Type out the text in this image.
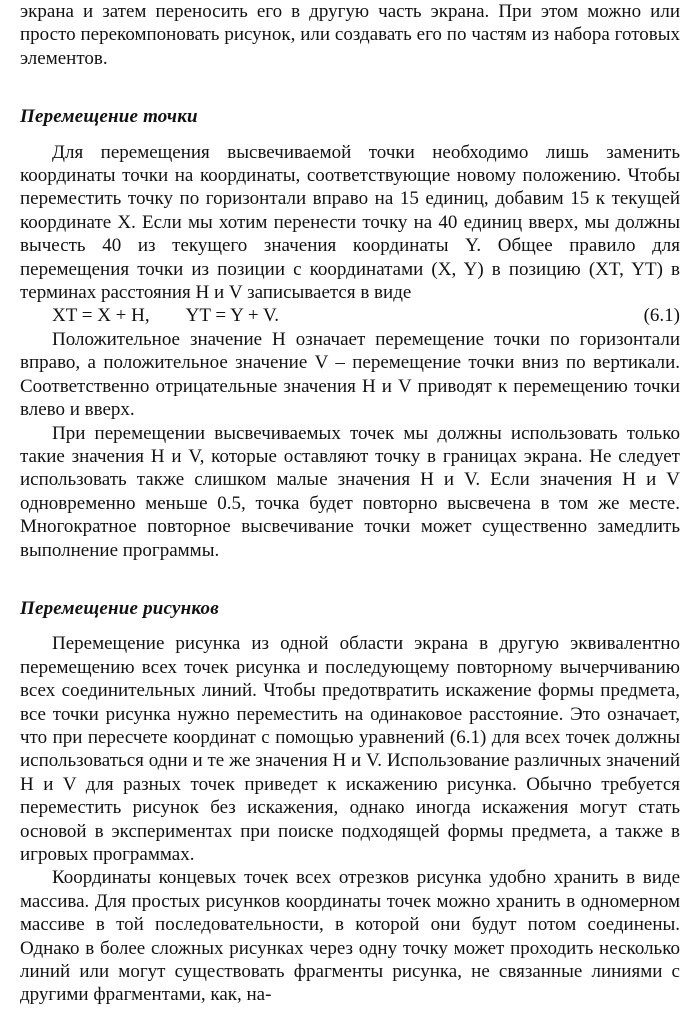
экрана и затем переносить его в другую часть экрана. При этом можно или просто перекомпоновать рисунок, или создавать его по частям из набора готовых элементов.

Перемещение точки

Для перемещения высвечиваемой точки необходимо лишь заменить координаты точки на координаты, соответствующие новому положению. Чтобы переместить точку по горизонтали вправо на 15 единиц, добавим 15 к текущей координате X. Если мы хотим перенести точку на 40 единиц вверх, мы должны вычесть 40 из текущего значения координаты Y. Общее правило для перемещения точки из позиции с координатами (X, Y) в позицию (XT, YT) в терминах расстояния H и V записывается в виде

XT = X + H, YT = Y + V.	(6.1)

Положительное значение H означает перемещение точки по горизонтали вправо, а положительное значение V – перемещение точки вниз по вертикали. Соответственно отрицательные значения H и V приводят к перемещению точки влево и вверх.

При перемещении высвечиваемых точек мы должны использовать только такие значения H и V, которые оставляют точку в границах экрана. Не следует использовать также слишком малые значения H и V. Если значения H и V одновременно меньше 0.5, точка будет повторно высвечена в том же месте. Многократное повторное высвечивание точки может существенно замедлить выполнение программы.

Перемещение рисунков

Перемещение рисунка из одной области экрана в другую эквивалентно перемещению всех точек рисунка и последующему повторному вычерчиванию всех соединительных линий. Чтобы предотвратить искажение формы предмета, все точки рисунка нужно переместить на одинаковое расстояние. Это означает, что при пересчете координат с помощью уравнений (6.1) для всех точек должны использоваться одни и те же значения H и V. Использование различных значений H и V для разных точек приведет к искажению рисунка. Обычно требуется переместить рисунок без искажения, однако иногда искажения могут стать основой в экспериментах при поиске подходящей формы предмета, а также в игровых программах.

Координаты концевых точек всех отрезков рисунка удобно хранить в виде массива. Для простых рисунков координаты точек можно хранить в одномерном массиве в той последовательности, в которой они будут потом соединены. Однако в более сложных рисунках через одну точку может проходить несколько линий или могут существовать фрагменты рисунка, не связанные линиями с другими фрагментами, как, на-
